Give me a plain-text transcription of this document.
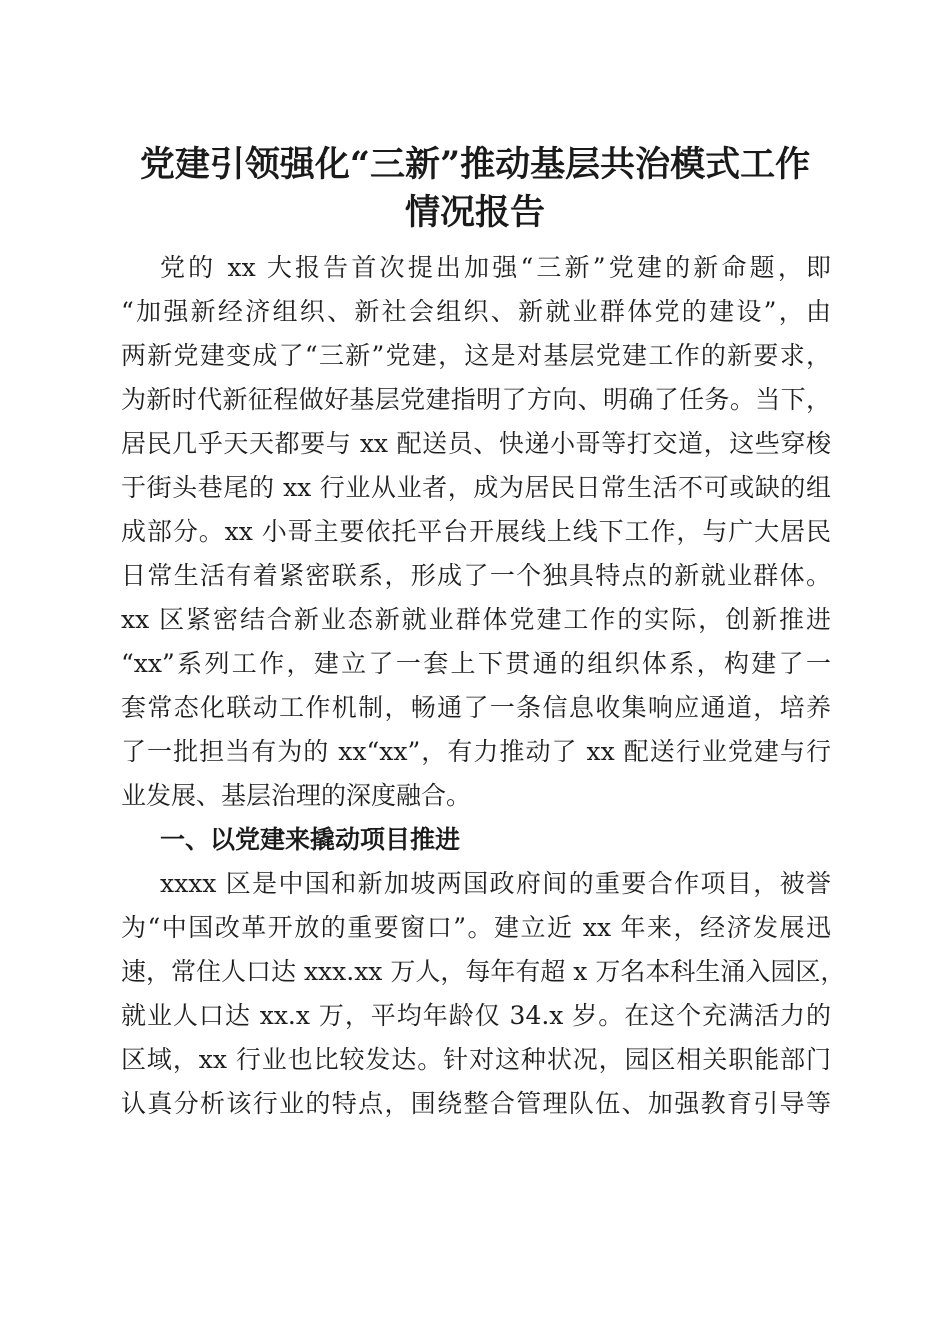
党建引领强化“三新”推动基层共治模式工作
情况报告

党的 xx 大报告首次提出加强“三新”党建的新命题，即

“加强新经济组织、新社会组织、新就业群体党的建设”，由

两新党建变成了“三新”党建，这是对基层党建工作的新要求，

为新时代新征程做好基层党建指明了方向、明确了任务。当下，

居民几乎天天都要与 xx 配送员、快递小哥等打交道，这些穿梭

于街头巷尾的 xx 行业从业者，成为居民日常生活不可或缺的组

成部分。xx 小哥主要依托平台开展线上线下工作，与广大居民

日常生活有着紧密联系，形成了一个独具特点的新就业群体。

xx 区紧密结合新业态新就业群体党建工作的实际，创新推进

“xx”系列工作，建立了一套上下贯通的组织体系，构建了一

套常态化联动工作机制，畅通了一条信息收集响应通道，培养

了一批担当有为的 xx“xx”，有力推动了 xx 配送行业党建与行

业发展、基层治理的深度融合。

一、以党建来撬动项目推进

xxxx 区是中国和新加坡两国政府间的重要合作项目，被誉

为“中国改革开放的重要窗口”。建立近 xx 年来，经济发展迅

速，常住人口达 xxx.xx 万人，每年有超 x 万名本科生涌入园区，

就业人口达 xx.x 万，平均年龄仅 34.x 岁。在这个充满活力的

区域，xx 行业也比较发达。针对这种状况，园区相关职能部门

认真分析该行业的特点，围绕整合管理队伍、加强教育引导等
